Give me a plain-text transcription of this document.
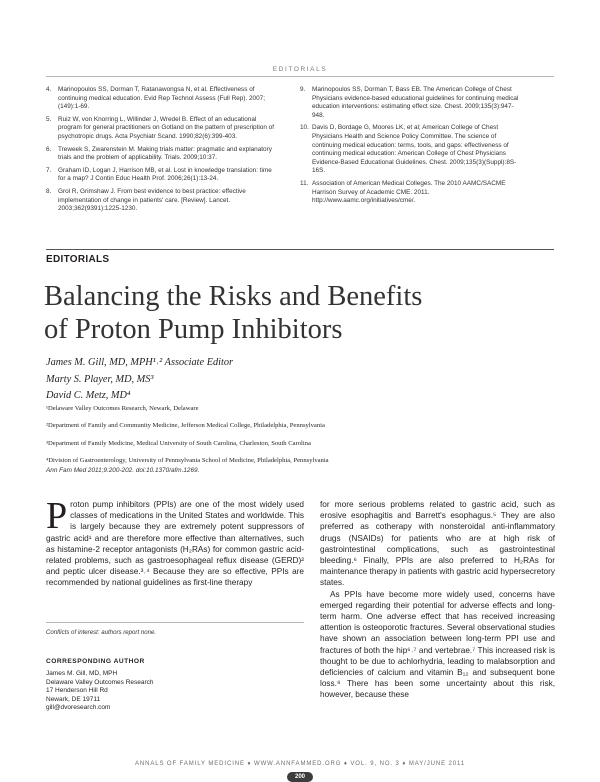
EDITORIALS
4.	Marinopoulos SS, Dorman T, Ratanawongsa N, et al. Effectiveness of continuing medical education. Evid Rep Technol Assess (Full Rep). 2007;(149):1-69.
5.	Ruiz W, von Knorring L, Willinder J, Wredel B. Effect of an educational program for general practitioners on Gotland on the pattern of prescription of psychotropic drugs. Acta Psychiatr Scand. 1990;82(6):399-403.
6.	Treweek S, Zwarenstein M. Making trials matter: pragmatic and explanatory trials and the problem of applicability. Trials. 2009;10:37.
7.	Graham ID, Logan J, Harrison MB, et al. Lost in knowledge translation: time for a map? J Contin Educ Health Prof. 2006;26(1):13-24.
8.	Grol R, Grimshaw J. From best evidence to best practice: effective implementation of change in patients' care. [Review]. Lancet. 2003;362(9391):1225-1230.
9.	Marinopoulos SS, Dorman T, Bass EB. The American College of Chest Physicians evidence-based educational guidelines for continuing medical education interventions: estimating effect size. Chest. 2009;135(3):947-948.
10. Davis D, Bordage G, Moores LK, et al; American College of Chest Physicians Health and Science Policy Committee. The science of continuing medical education: terms, tools, and gaps: effectiveness of continuing medical education: American College of Chest Physicians Evidence-Based Educational Guidelines. Chest. 2009;135(3)(Suppl):8S-16S.
11. Association of American Medical Colleges. The 2010 AAMC/SACME Harrison Survey of Academic CME. 2011. http://www.aamc.org/initiatives/cme/.
EDITORIALS
Balancing the Risks and Benefits
of Proton Pump Inhibitors
James M. Gill, MD, MPH¹˒² Associate Editor
Marty S. Player, MD, MS³
David C. Metz, MD⁴
¹Delaware Valley Outcomes Research, Newark, Delaware
²Department of Family and Community Medicine, Jefferson Medical College, Philadelphia, Pennsylvania
³Department of Family Medicine, Medical University of South Carolina, Charleston, South Carolina
⁴Division of Gastroenterology, University of Pennsylvania School of Medicine, Philadelphia, Pennsylvania
Ann Fam Med 2011;9:200-202. doi:10.1370/afm.1269.

Proton pump inhibitors (PPIs) are one of the most widely used classes of medications in the United States and worldwide. This is largely because they are extremely potent suppressors of gastric acid¹ and are therefore more effective than alternatives, such as histamine-2 receptor antagonists (H₂RAs) for common gastric acid-related problems, such as gastroesophageal reflux disease (GERD)² and peptic ulcer disease.³˒⁴ Because they are so effective, PPIs are recommended by national guidelines as first-line therapy

for more serious problems related to gastric acid, such as erosive esophagitis and Barrett's esophagus.⁵ They are also preferred as cotherapy with nonsteroidal anti-inflammatory drugs (NSAIDs) for patients who are at high risk of gastrointestinal complications, such as gastrointestinal bleeding.⁶ Finally, PPIs are also preferred to H₂RAs for maintenance therapy in patients with gastric acid hypersecretory states.

As PPIs have become more widely used, concerns have emerged regarding their potential for adverse effects and long-term harm. One adverse effect that has received increasing attention is osteoporotic fractures. Several observational studies have shown an association between long-term PPI use and fractures of both the hip⁶˒⁷ and vertebrae.⁷ This increased risk is thought to be due to achlorhydria, leading to malabsorption and deficiencies of calcium and vitamin B₁₂ and subsequent bone loss.⁸ There has been some uncertainty about this risk, however, because these

Conflicts of interest: authors report none.
CORRESPONDING AUTHOR
James M. Gill, MD, MPH
Delaware Valley Outcomes Research
17 Henderson Hill Rd
Newark, DE 19711
gill@dvoresearch.com
ANNALS OF FAMILY MEDICINE ♦ WWW.ANNFAMMED.ORG ♦ VOL. 9, NO. 3 ♦ MAY/JUNE 2011
200
